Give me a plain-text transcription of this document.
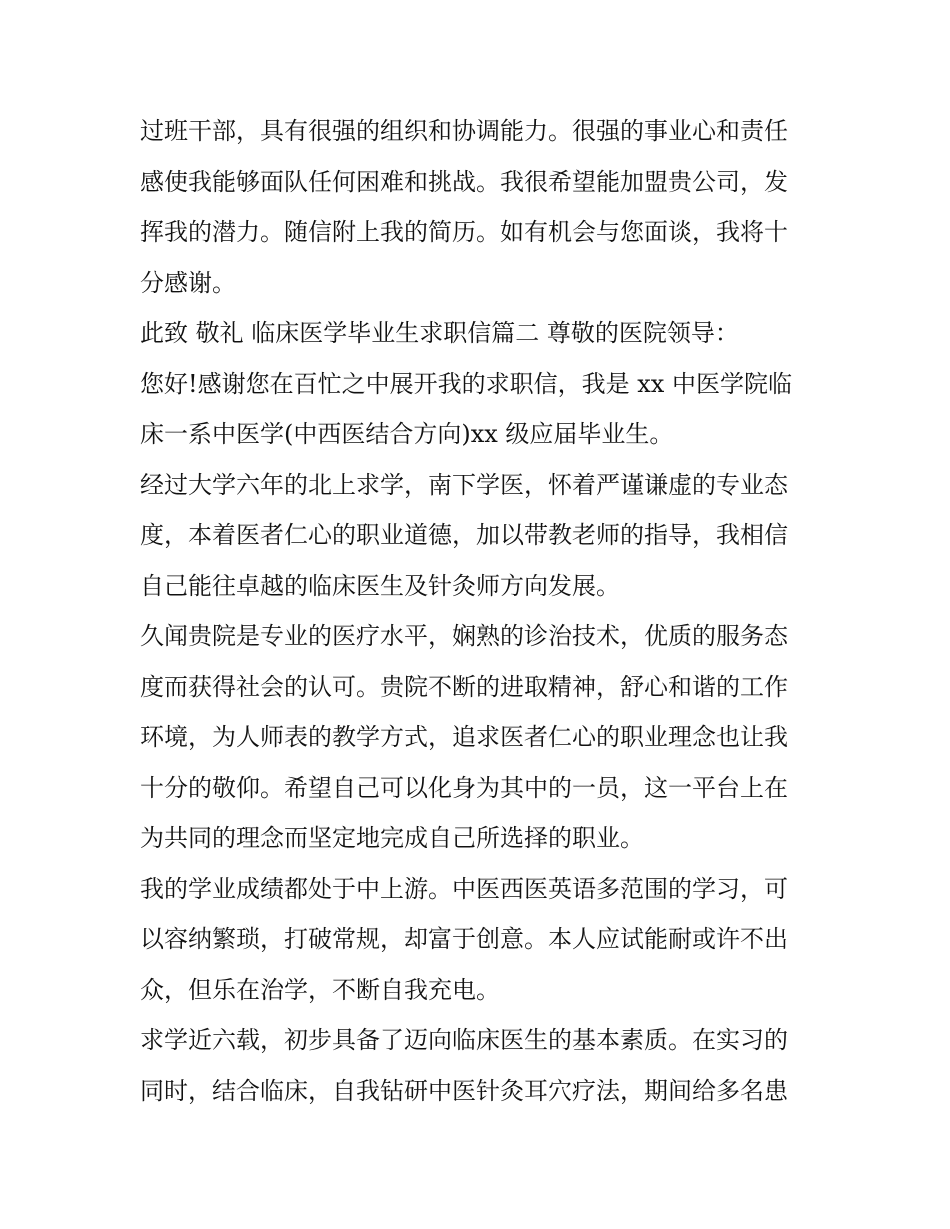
过班干部，具有很强的组织和协调能力。很强的事业心和责任
感使我能够面队任何困难和挑战。我很希望能加盟贵公司，发
挥我的潜力。随信附上我的简历。如有机会与您面谈，我将十
分感谢。
此致 敬礼 临床医学毕业生求职信篇二 尊敬的医院领导：
您好!感谢您在百忙之中展开我的求职信，我是 xx 中医学院临
床一系中医学(中西医结合方向)xx 级应届毕业生。
经过大学六年的北上求学，南下学医，怀着严谨谦虚的专业态
度，本着医者仁心的职业道德，加以带教老师的指导，我相信
自己能往卓越的临床医生及针灸师方向发展。
久闻贵院是专业的医疗水平，娴熟的诊治技术，优质的服务态
度而获得社会的认可。贵院不断的进取精神，舒心和谐的工作
环境，为人师表的教学方式，追求医者仁心的职业理念也让我
十分的敬仰。希望自己可以化身为其中的一员，这一平台上在
为共同的理念而坚定地完成自己所选择的职业。
我的学业成绩都处于中上游。中医西医英语多范围的学习，可
以容纳繁琐，打破常规，却富于创意。本人应试能耐或许不出
众，但乐在治学，不断自我充电。
求学近六载，初步具备了迈向临床医生的基本素质。在实习的
同时，结合临床，自我钻研中医针灸耳穴疗法，期间给多名患
